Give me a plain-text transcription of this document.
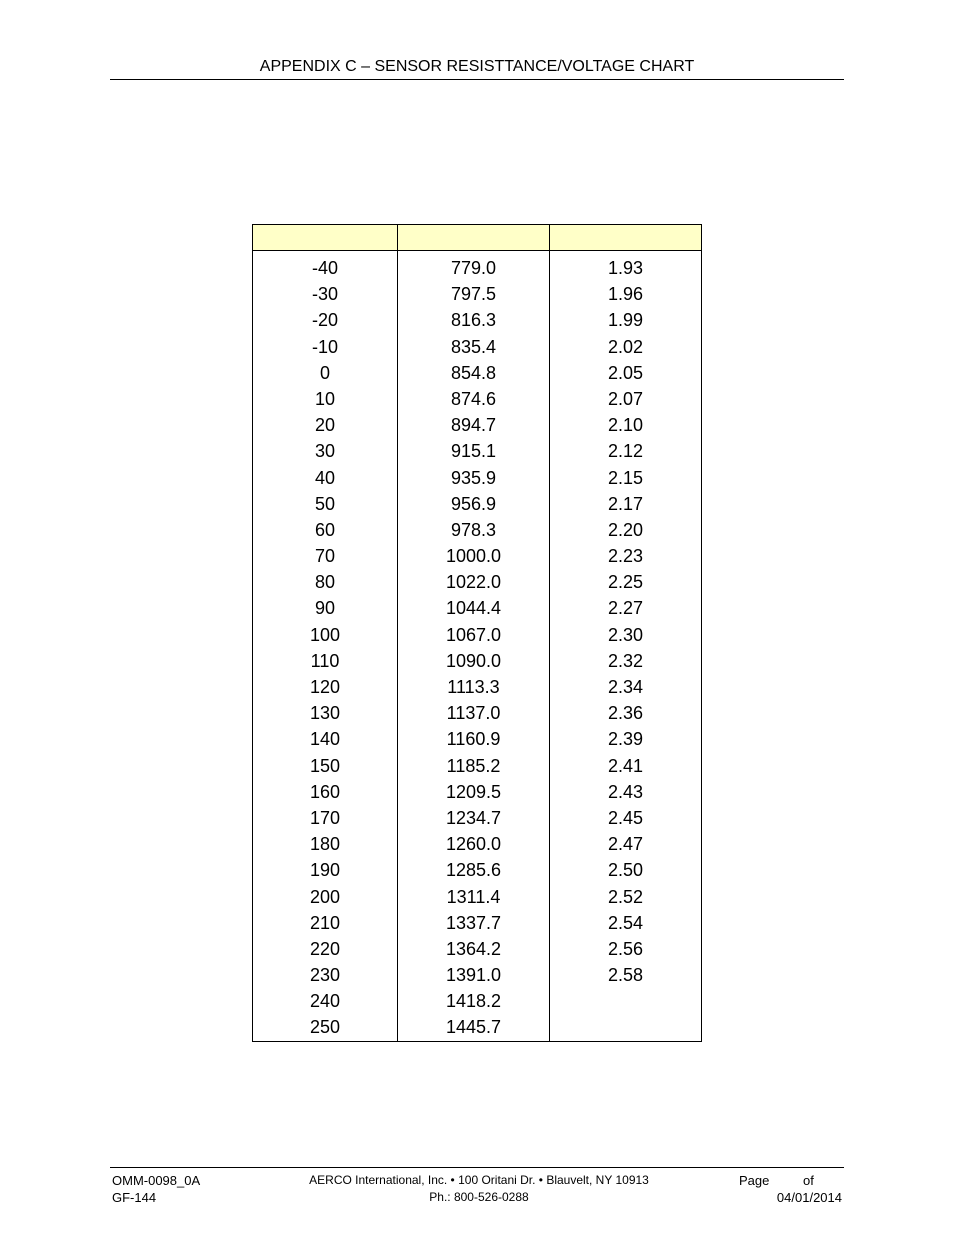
APPENDIX C – SENSOR RESISTTANCE/VOLTAGE CHART
-40	779.0	1.93
-30	797.5	1.96
-20	816.3	1.99
-10	835.4	2.02
0	854.8	2.05
10	874.6	2.07
20	894.7	2.10
30	915.1	2.12
40	935.9	2.15
50	956.9	2.17
60	978.3	2.20
70	1000.0	2.23
80	1022.0	2.25
90	1044.4	2.27
100	1067.0	2.30
110	1090.0	2.32
120	1113.3	2.34
130	1137.0	2.36
140	1160.9	2.39
150	1185.2	2.41
160	1209.5	2.43
170	1234.7	2.45
180	1260.0	2.47
190	1285.6	2.50
200	1311.4	2.52
210	1337.7	2.54
220	1364.2	2.56
230	1391.0	2.58
240	1418.2
250	1445.7
OMM-0098_0A
GF-144
AERCO International, Inc. • 100 Oritani Dr. • Blauvelt, NY 10913
Ph.: 800-526-0288
Page	of
04/01/2014
